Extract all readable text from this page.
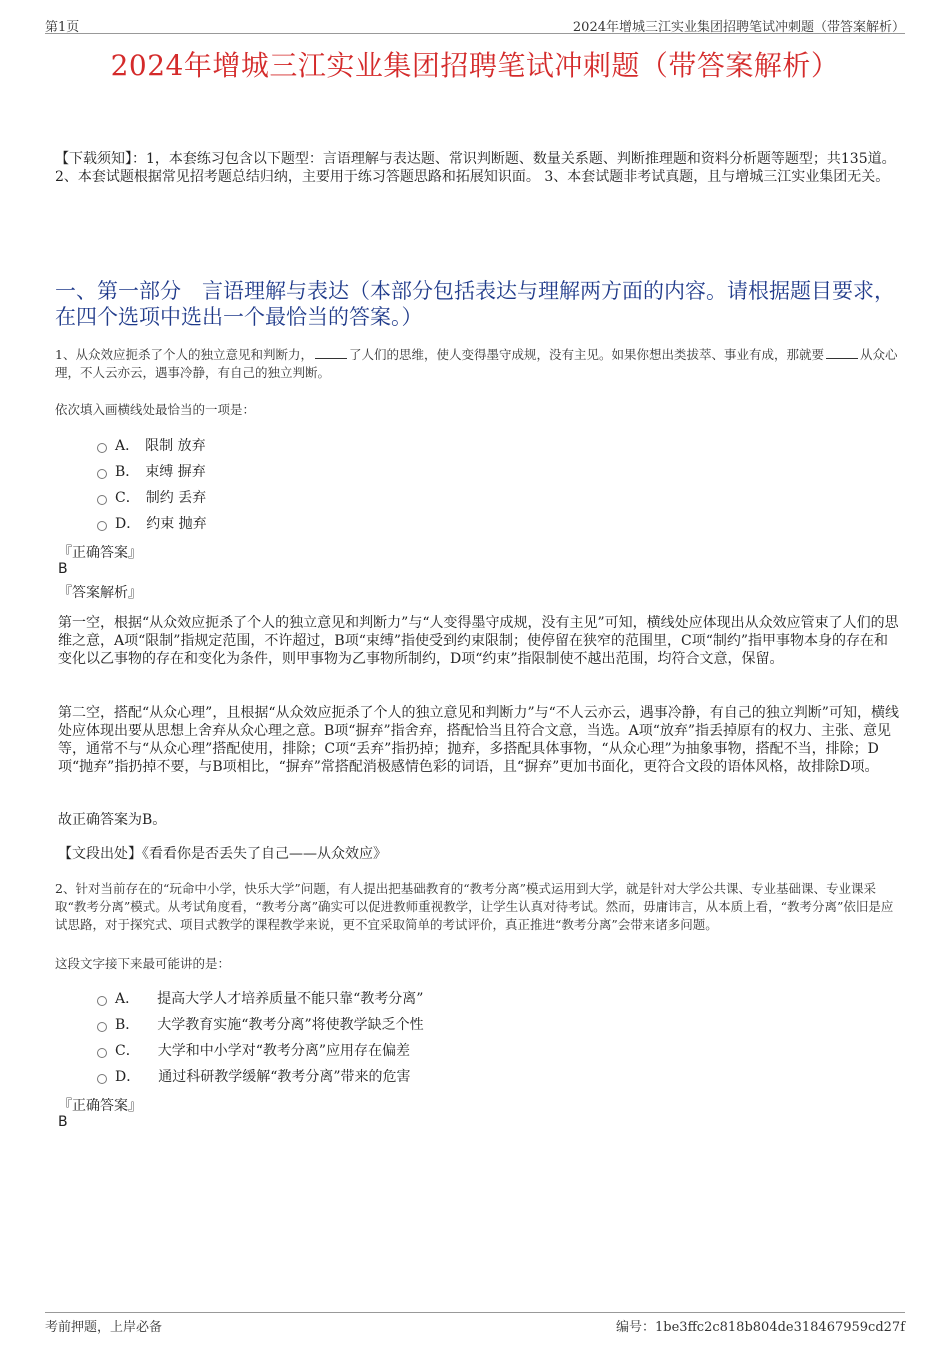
第1页	2024年增城三江实业集团招聘笔试冲刺题（带答案解析）
2024年增城三江实业集团招聘笔试冲刺题（带答案解析）
【下载须知】：1，本套练习包含以下题型：言语理解与表达题、常识判断题、数量关系题、判断推理题和资料分析题等题型；共135道。 2、本套试题根据常见招考题总结归纳，主要用于练习答题思路和拓展知识面。 3、本套试题非考试真题，且与增城三江实业集团无关。
一、第一部分　言语理解与表达（本部分包括表达与理解两方面的内容。请根据题目要求，在四个选项中选出一个最恰当的答案。）
1、从众效应扼杀了个人的独立意见和判断力，	了人们的思维，使人变得墨守成规，没有主见。如果你想出类拔萃、事业有成，那就要	从众心理，不人云亦云，遇事冷静，有自己的独立判断。
依次填入画横线处最恰当的一项是：
A． 限制 放弃
B． 束缚 摒弃
C． 制约 丢弃
D． 约束 抛弃
『正确答案』
B
『答案解析』
第一空，根据“从众效应扼杀了个人的独立意见和判断力”与“人变得墨守成规，没有主见”可知，横线处应体现出从众效应管束了人们的思维之意，A项“限制”指规定范围，不许超过，B项“束缚”指使受到约束限制；使停留在狭窄的范围里，C项“制约”指甲事物本身的存在和变化以乙事物的存在和变化为条件，则甲事物为乙事物所制约，D项“约束”指限制使不越出范围，均符合文意，保留。
第二空，搭配“从众心理”，且根据“从众效应扼杀了个人的独立意见和判断力”与“不人云亦云，遇事冷静，有自己的独立判断”可知，横线处应体现出要从思想上舍弃从众心理之意。B项“摒弃”指舍弃，搭配恰当且符合文意，当选。A项“放弃”指丢掉原有的权力、主张、意见等，通常不与“从众心理”搭配使用，排除；C项“丢弃”指扔掉；抛弃，多搭配具体事物，“从众心理”为抽象事物，搭配不当，排除；D项“抛弃”指扔掉不要，与B项相比，“摒弃”常搭配消极感情色彩的词语，且“摒弃”更加书面化，更符合文段的语体风格，故排除D项。
故正确答案为B。
【文段出处】《看看你是否丢失了自己——从众效应》
2、针对当前存在的“玩命中小学，快乐大学”问题，有人提出把基础教育的“教考分离”模式运用到大学，就是针对大学公共课、专业基础课、专业课采取“教考分离”模式。从考试角度看，“教考分离”确实可以促进教师重视教学，让学生认真对待考试。然而，毋庸讳言，从本质上看，“教考分离”依旧是应试思路，对于探究式、项目式教学的课程教学来说，更不宜采取简单的考试评价，真正推进“教考分离”会带来诸多问题。
这段文字接下来最可能讲的是：
A． 提高大学人才培养质量不能只靠“教考分离”
B． 大学教育实施“教考分离”将使教学缺乏个性
C． 大学和中小学对“教考分离”应用存在偏差
D． 通过科研教学缓解“教考分离”带来的危害
『正确答案』
B
考前押题，上岸必备	编号：1be3ffc2c818b804de318467959cd27f
